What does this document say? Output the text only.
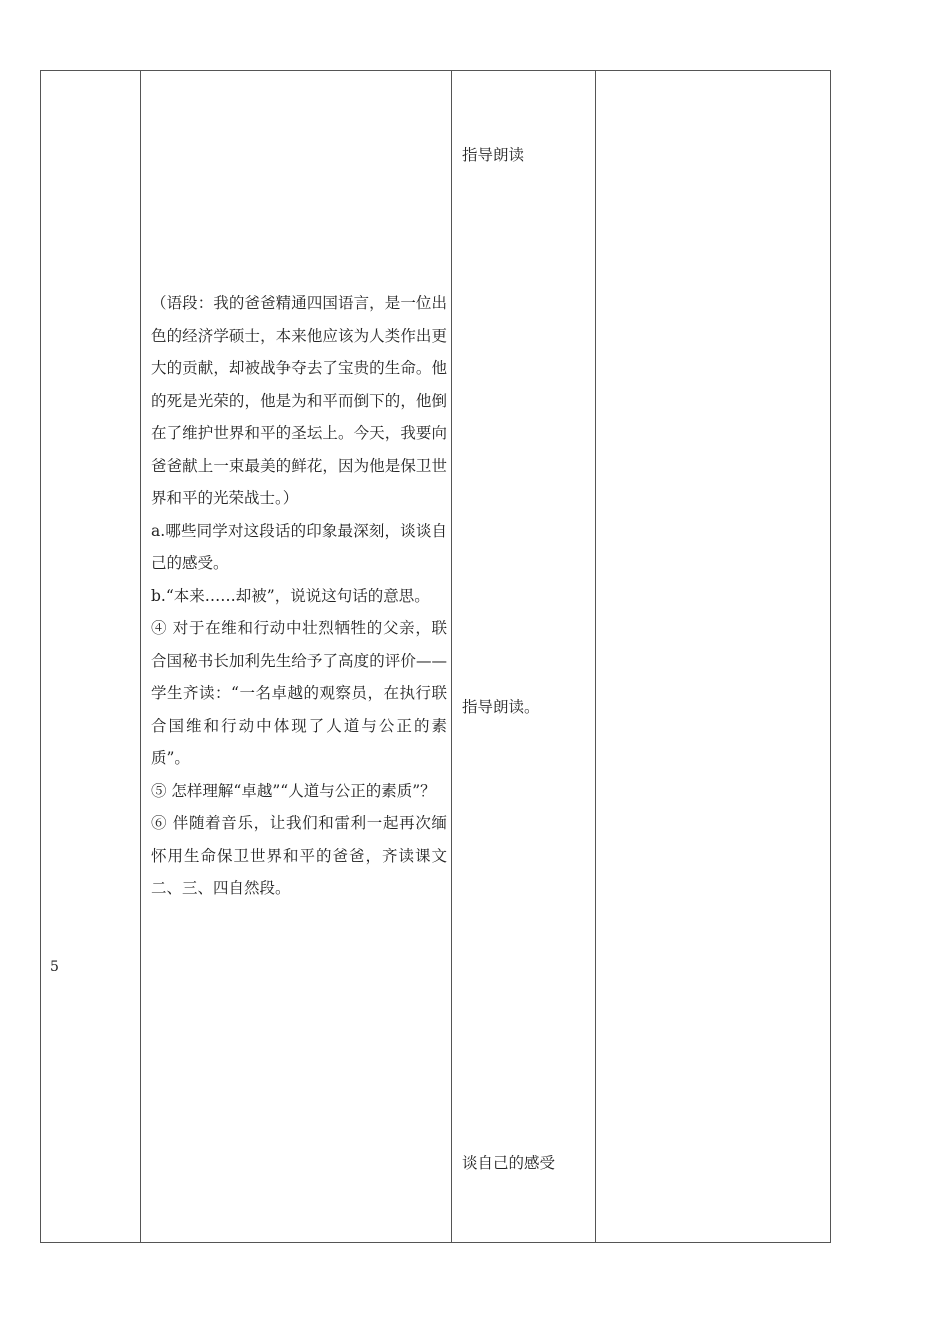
5

（语段：我的爸爸精通四国语言，是一位出色的经济学硕士，本来他应该为人类作出更大的贡献，却被战争夺去了宝贵的生命。他的死是光荣的，他是为和平而倒下的，他倒在了维护世界和平的圣坛上。今天，我要向爸爸献上一束最美的鲜花，因为他是保卫世界和平的光荣战士。）

a.哪些同学对这段话的印象最深刻，谈谈自己的感受。

b.“本来……却被”，说说这句话的意思。

④ 对于在维和行动中壮烈牺牲的父亲，联合国秘书长加利先生给予了高度的评价——学生齐读：“一名卓越的观察员，在执行联合国维和行动中体现了人道与公正的素质”。

⑤ 怎样理解“卓越”“人道与公正的素质”？

⑥ 伴随着音乐，让我们和雷利一起再次缅怀用生命保卫世界和平的爸爸，齐读课文二、三、四自然段。

指导朗读
指导朗读。
谈自己的感受
